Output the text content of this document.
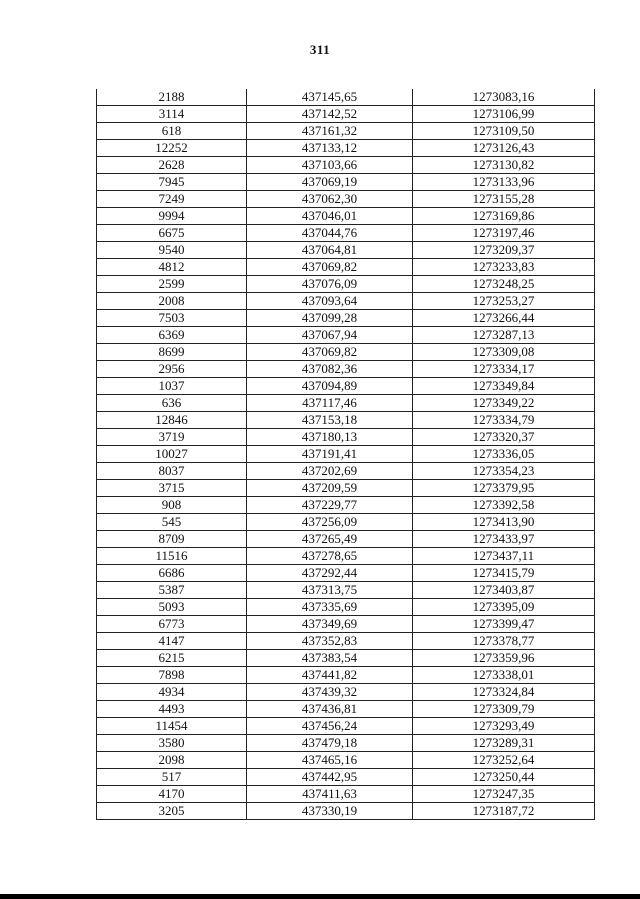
311
2188	437145,65	1273083,16
3114	437142,52	1273106,99
618	437161,32	1273109,50
12252	437133,12	1273126,43
2628	437103,66	1273130,82
7945	437069,19	1273133,96
7249	437062,30	1273155,28
9994	437046,01	1273169,86
6675	437044,76	1273197,46
9540	437064,81	1273209,37
4812	437069,82	1273233,83
2599	437076,09	1273248,25
2008	437093,64	1273253,27
7503	437099,28	1273266,44
6369	437067,94	1273287,13
8699	437069,82	1273309,08
2956	437082,36	1273334,17
1037	437094,89	1273349,84
636	437117,46	1273349,22
12846	437153,18	1273334,79
3719	437180,13	1273320,37
10027	437191,41	1273336,05
8037	437202,69	1273354,23
3715	437209,59	1273379,95
908	437229,77	1273392,58
545	437256,09	1273413,90
8709	437265,49	1273433,97
11516	437278,65	1273437,11
6686	437292,44	1273415,79
5387	437313,75	1273403,87
5093	437335,69	1273395,09
6773	437349,69	1273399,47
4147	437352,83	1273378,77
6215	437383,54	1273359,96
7898	437441,82	1273338,01
4934	437439,32	1273324,84
4493	437436,81	1273309,79
11454	437456,24	1273293,49
3580	437479,18	1273289,31
2098	437465,16	1273252,64
517	437442,95	1273250,44
4170	437411,63	1273247,35
3205	437330,19	1273187,72
